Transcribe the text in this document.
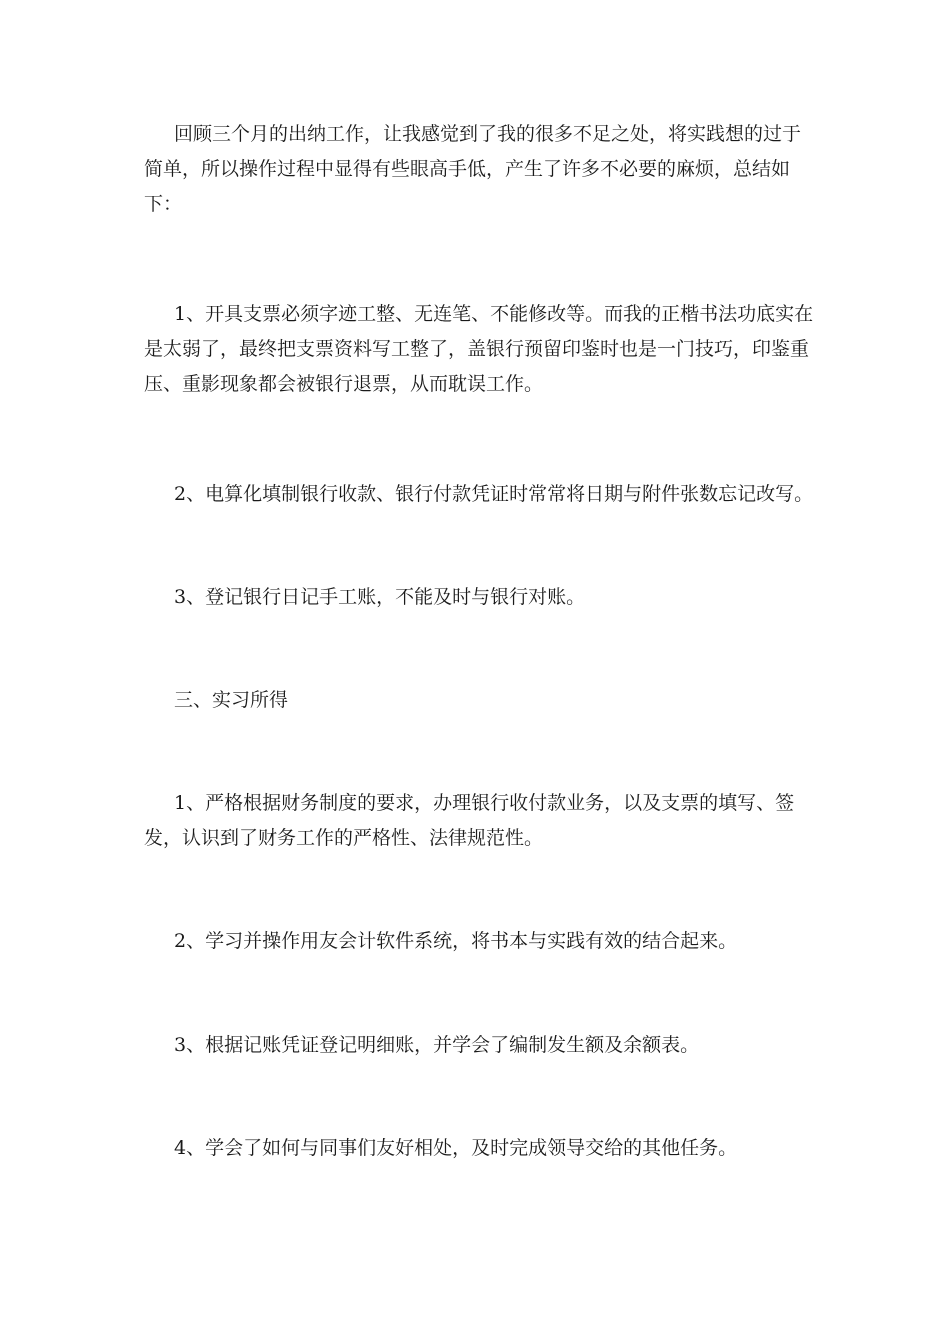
回顾三个月的出纳工作，让我感觉到了我的很多不足之处，将实践想的过于简单，所以操作过程中显得有些眼高手低，产生了许多不必要的麻烦，总结如下：

1、开具支票必须字迹工整、无连笔、不能修改等。而我的正楷书法功底实在是太弱了，最终把支票资料写工整了，盖银行预留印鉴时也是一门技巧，印鉴重压、重影现象都会被银行退票，从而耽误工作。

2、电算化填制银行收款、银行付款凭证时常常将日期与附件张数忘记改写。

3、登记银行日记手工账，不能及时与银行对账。

三、实习所得

1、严格根据财务制度的要求，办理银行收付款业务，以及支票的填写、签发，认识到了财务工作的严格性、法律规范性。

2、学习并操作用友会计软件系统，将书本与实践有效的结合起来。

3、根据记账凭证登记明细账，并学会了编制发生额及余额表。

4、学会了如何与同事们友好相处，及时完成领导交给的其他任务。
